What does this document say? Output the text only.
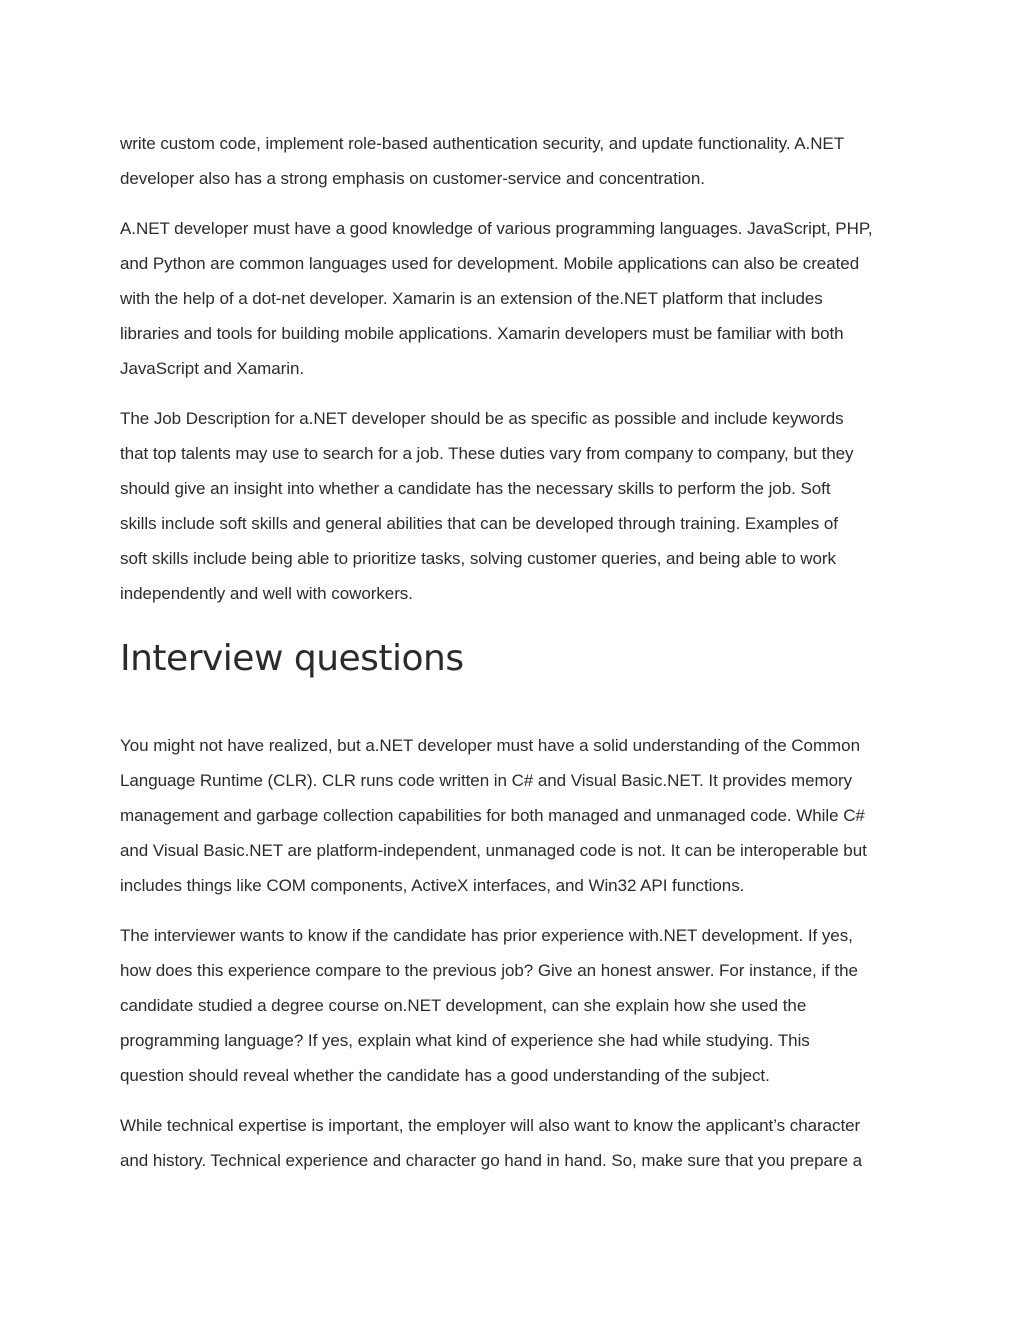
write custom code, implement role-based authentication security, and update functionality. A.NET
developer also has a strong emphasis on customer-service and concentration.

A.NET developer must have a good knowledge of various programming languages. JavaScript, PHP,
and Python are common languages used for development. Mobile applications can also be created
with the help of a dot-net developer. Xamarin is an extension of the.NET platform that includes
libraries and tools for building mobile applications. Xamarin developers must be familiar with both
JavaScript and Xamarin.

The Job Description for a.NET developer should be as specific as possible and include keywords
that top talents may use to search for a job. These duties vary from company to company, but they
should give an insight into whether a candidate has the necessary skills to perform the job. Soft
skills include soft skills and general abilities that can be developed through training. Examples of
soft skills include being able to prioritize tasks, solving customer queries, and being able to work
independently and well with coworkers.

Interview questions

You might not have realized, but a.NET developer must have a solid understanding of the Common
Language Runtime (CLR). CLR runs code written in C# and Visual Basic.NET. It provides memory
management and garbage collection capabilities for both managed and unmanaged code. While C#
and Visual Basic.NET are platform-independent, unmanaged code is not. It can be interoperable but
includes things like COM components, ActiveX interfaces, and Win32 API functions.

The interviewer wants to know if the candidate has prior experience with.NET development. If yes,
how does this experience compare to the previous job? Give an honest answer. For instance, if the
candidate studied a degree course on.NET development, can she explain how she used the
programming language? If yes, explain what kind of experience she had while studying. This
question should reveal whether the candidate has a good understanding of the subject.

While technical expertise is important, the employer will also want to know the applicant’s character
and history. Technical experience and character go hand in hand. So, make sure that you prepare a
